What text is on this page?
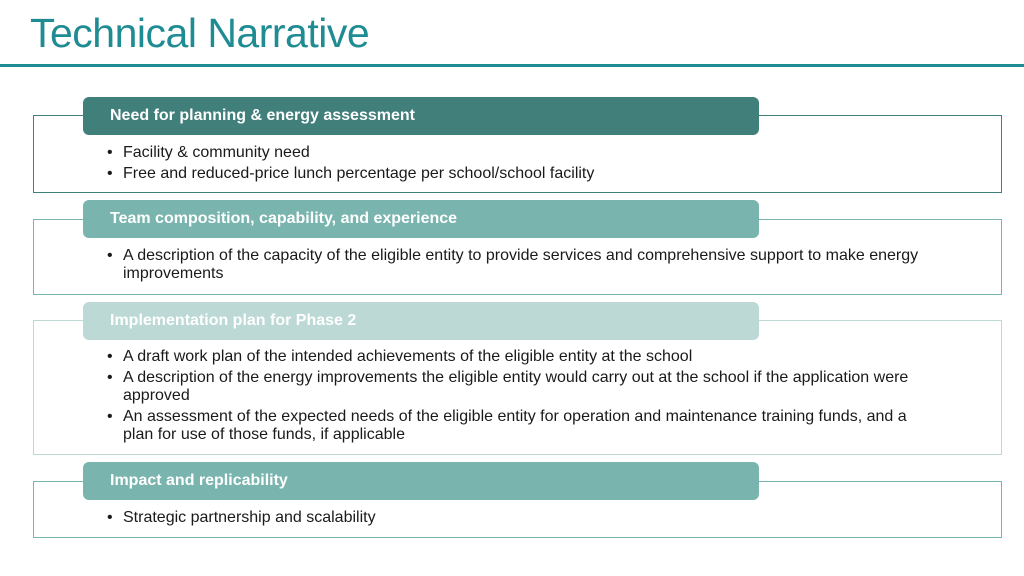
Technical Narrative
Need for planning & energy assessment
• Facility & community need
• Free and reduced-price lunch percentage per school/school facility
Team composition, capability, and experience
• A description of the capacity of the eligible entity to provide services and comprehensive support to make energy improvements
Implementation plan for Phase 2
• A draft work plan of the intended achievements of the eligible entity at the school
• A description of the energy improvements the eligible entity would carry out at the school if the application were approved
• An assessment of the expected needs of the eligible entity for operation and maintenance training funds, and a plan for use of those funds, if applicable
Impact and replicability
• Strategic partnership and scalability
